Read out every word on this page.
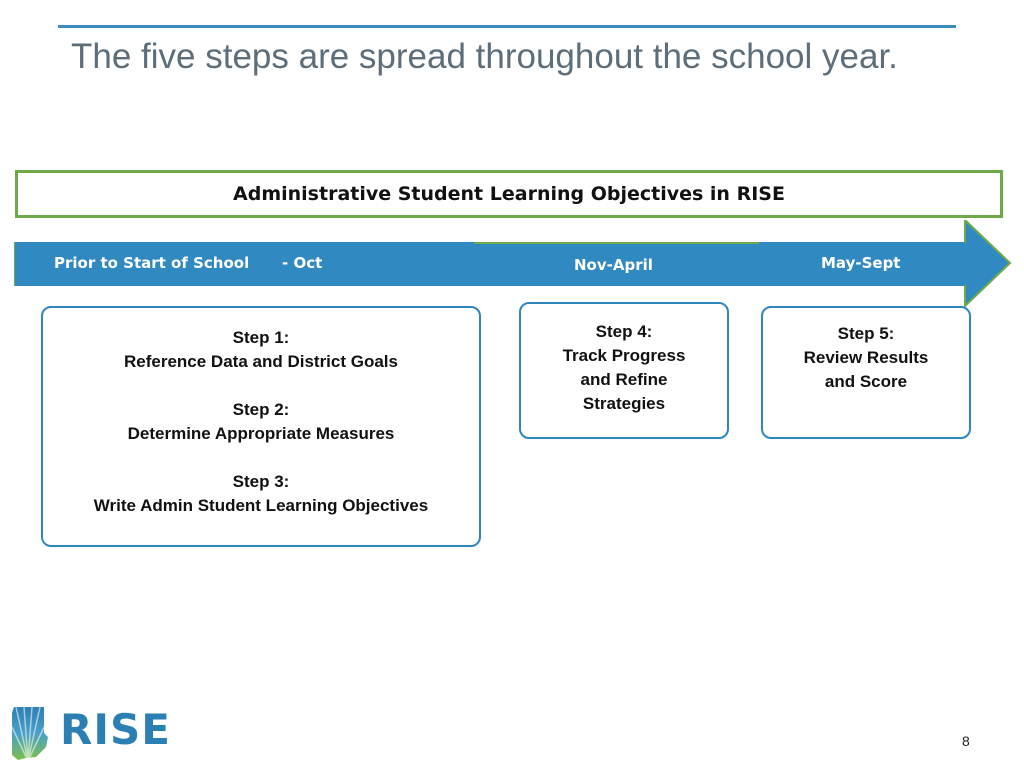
The five steps are spread throughout the school year.
Administrative Student Learning Objectives in RISE
Prior to Start of School - Oct	Nov-April	May-Sept
Step 1:
Reference Data and District Goals
Step 2:
Determine Appropriate Measures
Step 3:
Write Admin Student Learning Objectives
Step 4:
Track Progress
and Refine
Strategies
Step 5:
Review Results
and Score
RISE	8
